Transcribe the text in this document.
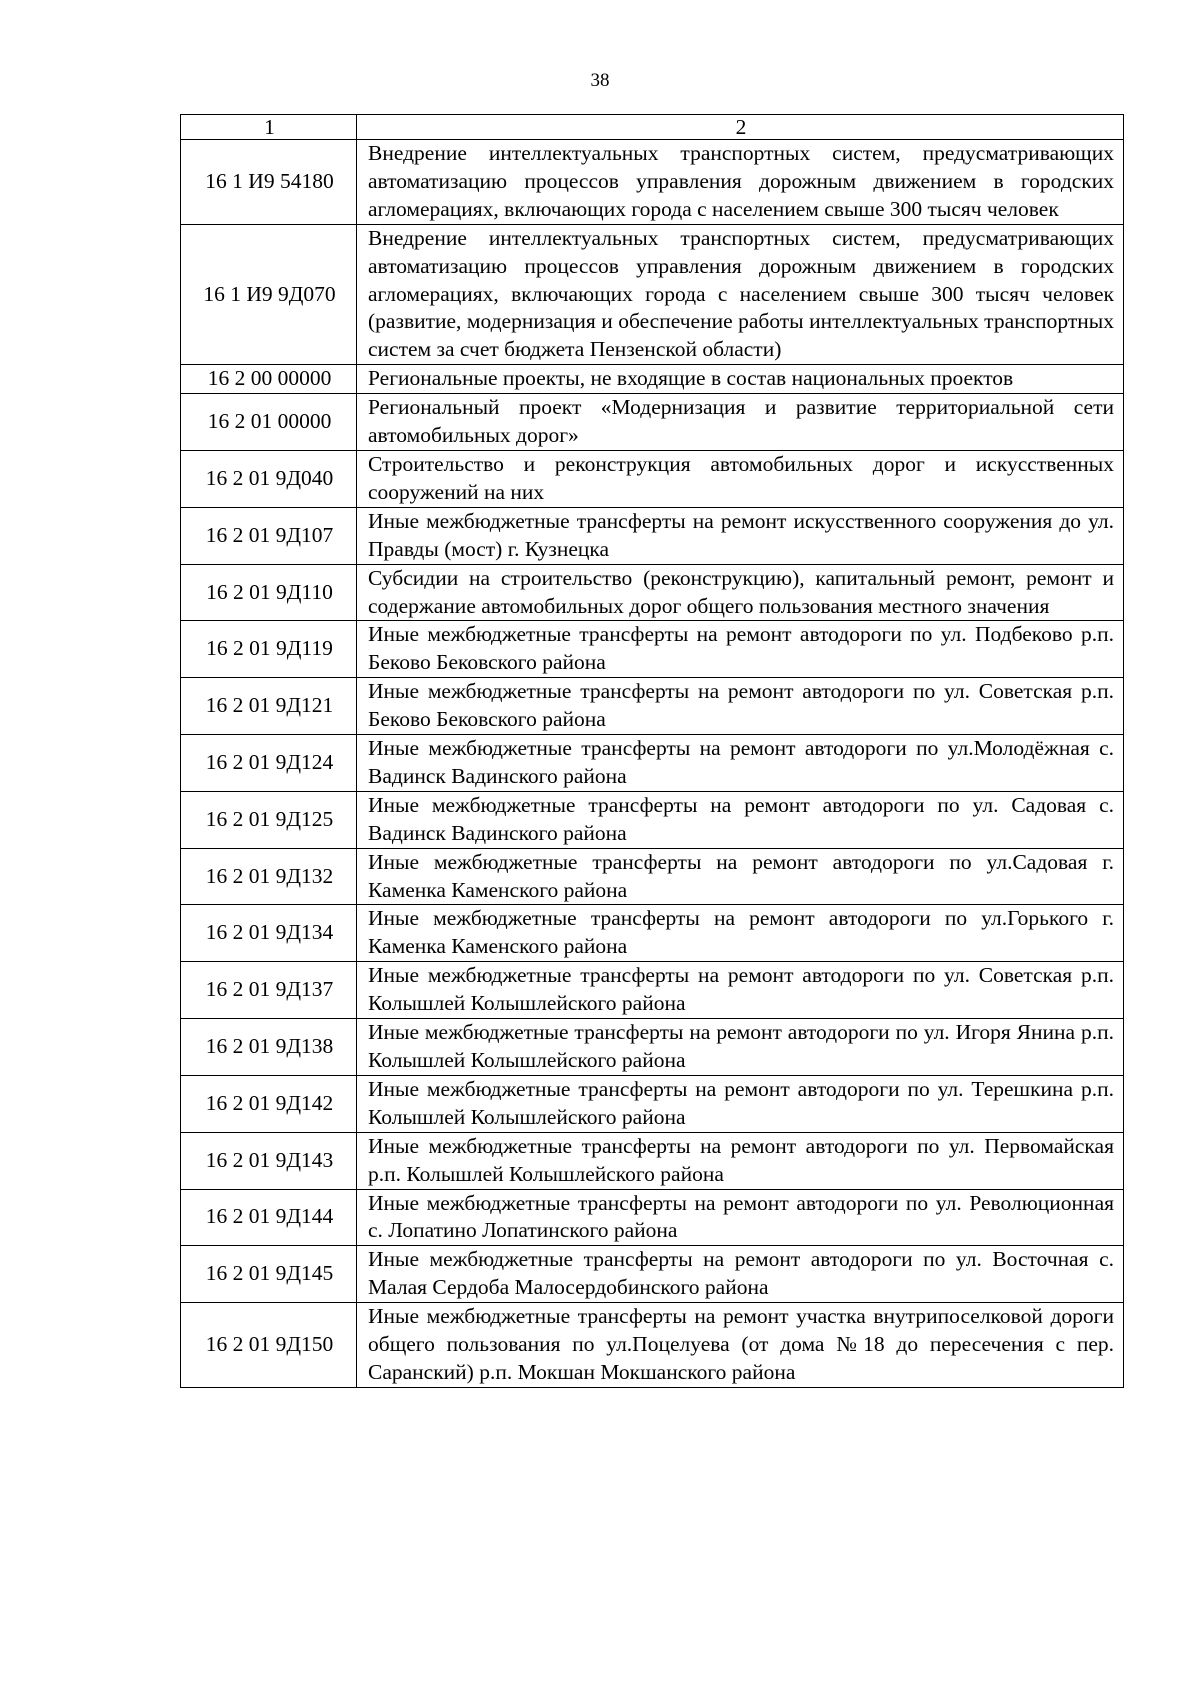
38
1	2
16 1 И9 54180	Внедрение интеллектуальных транспортных систем, предусматривающих автоматизацию процессов управления дорожным движением в городских агломерациях, включающих города с населением свыше 300 тысяч человек
16 1 И9 9Д070	Внедрение интеллектуальных транспортных систем, предусматривающих автоматизацию процессов управления дорожным движением в городских агломерациях, включающих города с населением свыше 300 тысяч человек (развитие, модернизация и обеспечение работы интеллектуальных транспортных систем за счет бюджета Пензенской области)
16 2 00 00000	Региональные проекты, не входящие в состав национальных проектов
16 2 01 00000	Региональный проект «Модернизация и развитие территориальной сети автомобильных дорог»
16 2 01 9Д040	Строительство и реконструкция автомобильных дорог и искусственных сооружений на них
16 2 01 9Д107	Иные межбюджетные трансферты на ремонт искусственного сооружения до ул. Правды (мост) г. Кузнецка
16 2 01 9Д110	Субсидии на строительство (реконструкцию), капитальный ремонт, ремонт и содержание автомобильных дорог общего пользования местного значения
16 2 01 9Д119	Иные межбюджетные трансферты на ремонт автодороги по ул. Подбеково р.п. Беково Бековского района
16 2 01 9Д121	Иные межбюджетные трансферты на ремонт автодороги по ул. Советская р.п. Беково Бековского района
16 2 01 9Д124	Иные межбюджетные трансферты на ремонт автодороги по ул.Молодёжная с. Вадинск Вадинского района
16 2 01 9Д125	Иные межбюджетные трансферты на ремонт автодороги по ул. Садовая с. Вадинск Вадинского района
16 2 01 9Д132	Иные межбюджетные трансферты на ремонт автодороги по ул.Садовая г. Каменка Каменского района
16 2 01 9Д134	Иные межбюджетные трансферты на ремонт автодороги по ул.Горького г. Каменка Каменского района
16 2 01 9Д137	Иные межбюджетные трансферты на ремонт автодороги по ул. Советская р.п. Колышлей Колышлейского района
16 2 01 9Д138	Иные межбюджетные трансферты на ремонт автодороги по ул. Игоря Янина р.п. Колышлей Колышлейского района
16 2 01 9Д142	Иные межбюджетные трансферты на ремонт автодороги по ул. Терешкина р.п. Колышлей Колышлейского района
16 2 01 9Д143	Иные межбюджетные трансферты на ремонт автодороги по ул. Первомайская р.п. Колышлей Колышлейского района
16 2 01 9Д144	Иные межбюджетные трансферты на ремонт автодороги по ул. Революционная с. Лопатино Лопатинского района
16 2 01 9Д145	Иные межбюджетные трансферты на ремонт автодороги по ул. Восточная с. Малая Сердоба Малосердобинского района
16 2 01 9Д150	Иные межбюджетные трансферты на ремонт участка внутрипоселковой дороги общего пользования по ул.Поцелуева (от дома №18 до пересечения с пер. Саранский) р.п. Мокшан Мокшанского района
